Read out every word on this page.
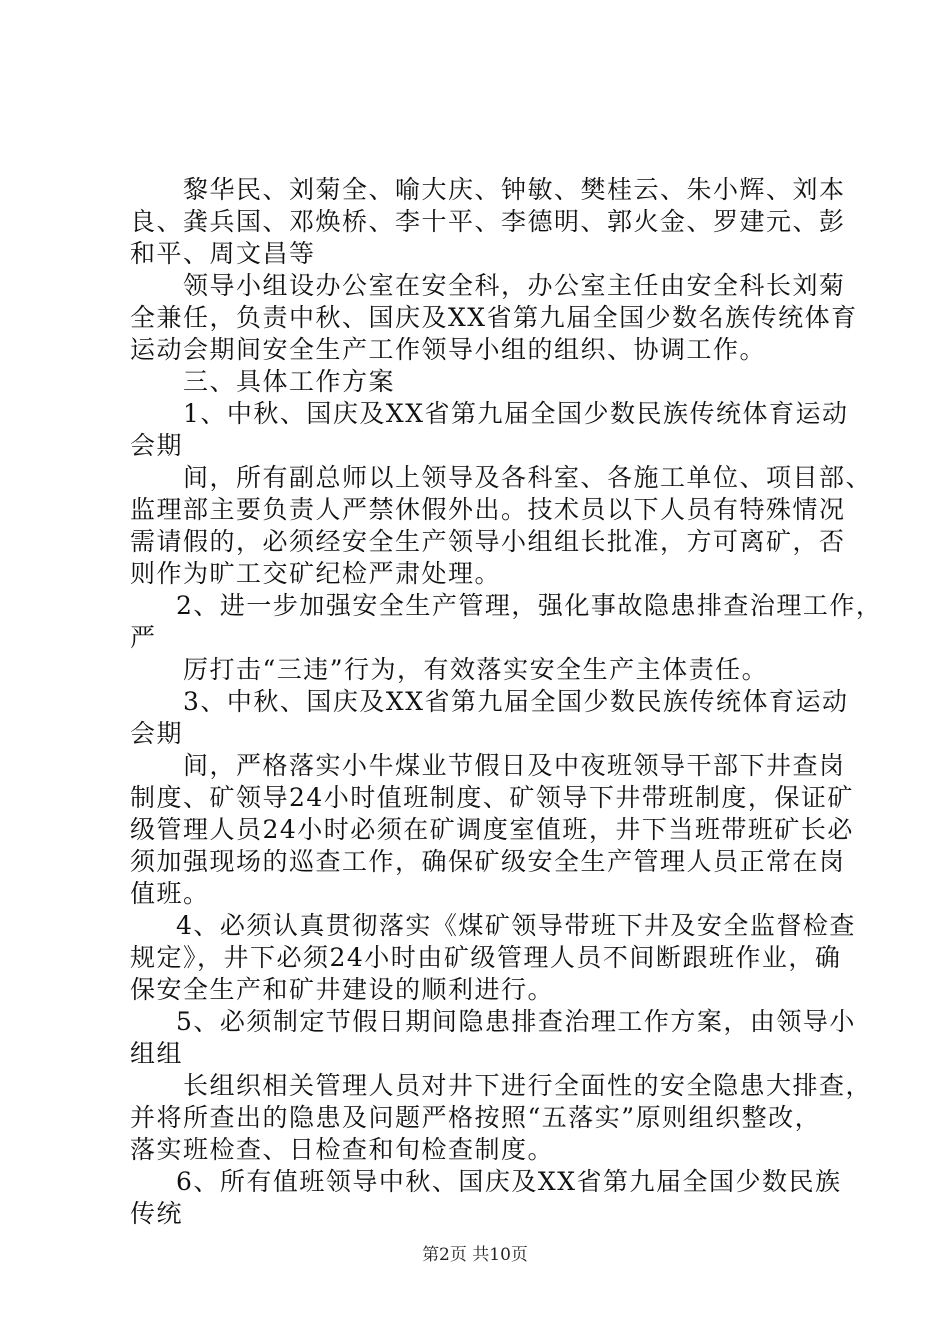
黎华民、刘菊全、喻大庆、钟敏、樊桂云、朱小辉、刘本
良、龚兵国、邓焕桥、李十平、李德明、郭火金、罗建元、彭
和平、周文昌等
领导小组设办公室在安全科，办公室主任由安全科长刘菊
全兼任，负责中秋、国庆及XX省第九届全国少数名族传统体育
运动会期间安全生产工作领导小组的组织、协调工作。
三、具体工作方案
1、中秋、国庆及XX省第九届全国少数民族传统体育运动
会期
间，所有副总师以上领导及各科室、各施工单位、项目部、
监理部主要负责人严禁休假外出。技术员以下人员有特殊情况
需请假的，必须经安全生产领导小组组长批准，方可离矿，否
则作为旷工交矿纪检严肃处理。
2、进一步加强安全生产管理，强化事故隐患排查治理工作，
严
厉打击“三违”行为，有效落实安全生产主体责任。
3、中秋、国庆及XX省第九届全国少数民族传统体育运动
会期
间，严格落实小牛煤业节假日及中夜班领导干部下井查岗
制度、矿领导24小时值班制度、矿领导下井带班制度，保证矿
级管理人员24小时必须在矿调度室值班，井下当班带班矿长必
须加强现场的巡查工作，确保矿级安全生产管理人员正常在岗
值班。
4、必须认真贯彻落实《煤矿领导带班下井及安全监督检查
规定》，井下必须24小时由矿级管理人员不间断跟班作业，确
保安全生产和矿井建设的顺利进行。
5、必须制定节假日期间隐患排查治理工作方案，由领导小
组组
长组织相关管理人员对井下进行全面性的安全隐患大排查，
并将所查出的隐患及问题严格按照“五落实”原则组织整改，
落实班检查、日检查和旬检查制度。
6、所有值班领导中秋、国庆及XX省第九届全国少数民族
传统
第2页 共10页
